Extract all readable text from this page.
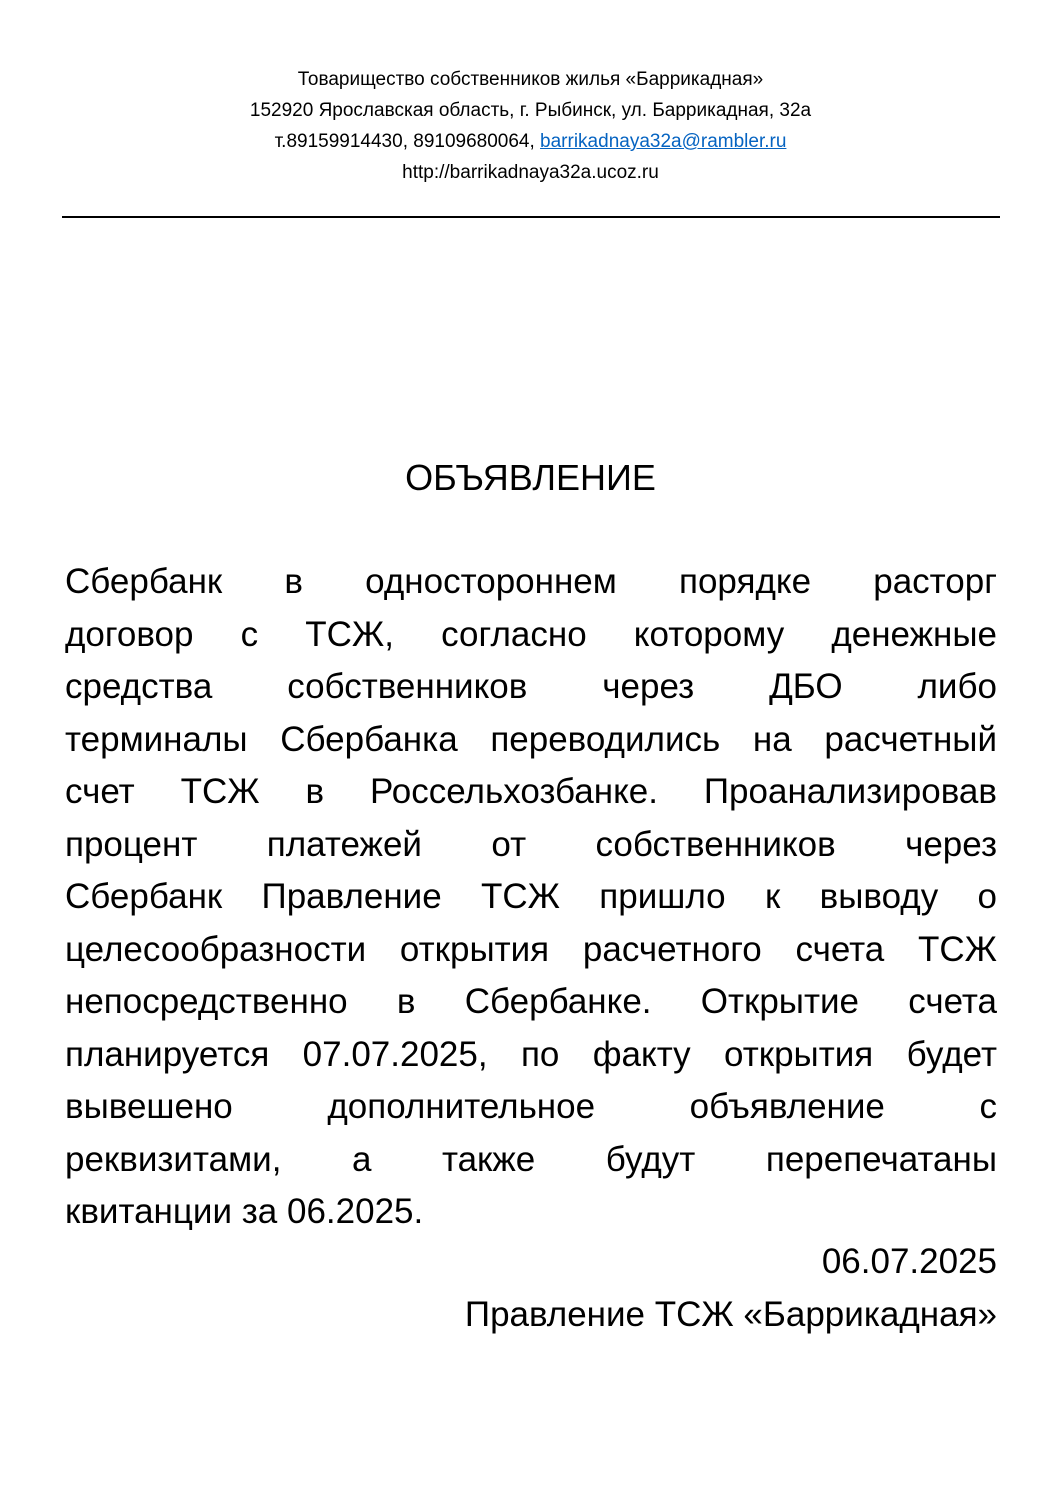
Товарищество собственников жилья «Баррикадная»
152920 Ярославская область, г. Рыбинск, ул. Баррикадная, 32а
т.89159914430, 89109680064, barrikadnaya32a@rambler.ru
http://barrikadnaya32a.ucoz.ru
ОБЪЯВЛЕНИЕ
Сбербанк в одностороннем порядке расторг
договор с ТСЖ, согласно которому денежные
средства собственников через ДБО либо
терминалы Сбербанка переводились на расчетный
счет ТСЖ в Россельхозбанке. Проанализировав
процент платежей от собственников через
Сбербанк Правление ТСЖ пришло к выводу о
целесообразности открытия расчетного счета ТСЖ
непосредственно в Сбербанке. Открытие счета
планируется 07.07.2025, по факту открытия будет
вывешено дополнительное объявление с
реквизитами, а также будут перепечатаны
квитанции за 06.2025.
06.07.2025
Правление ТСЖ «Баррикадная»
